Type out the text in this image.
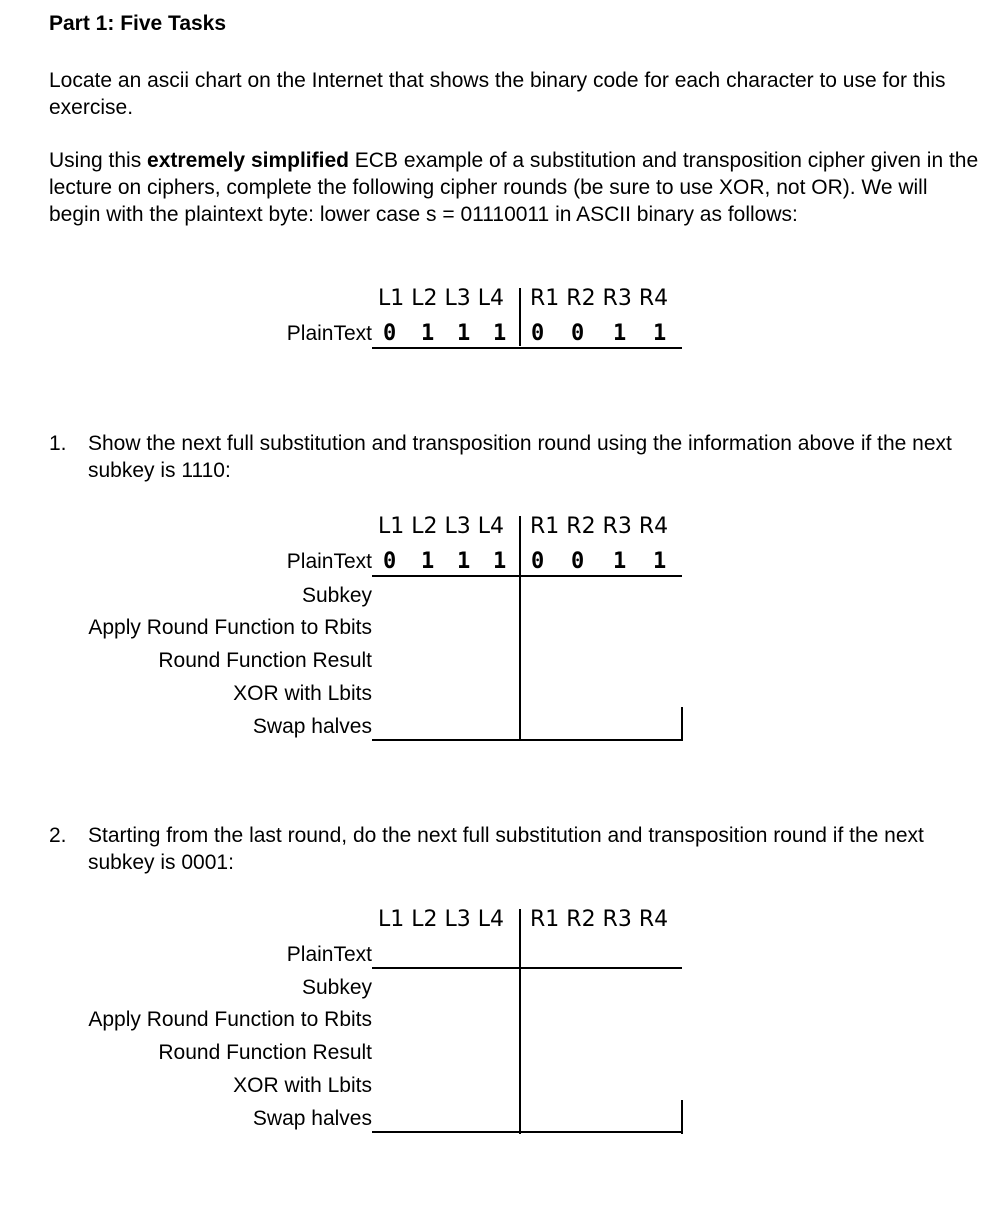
Part 1: Five Tasks
Locate an ascii chart on the Internet that shows the binary code for each character to use for this exercise.
Using this extremely simplified ECB example of a substitution and transposition cipher given in the lecture on ciphers, complete the following cipher rounds (be sure to use XOR, not OR). We will begin with the plaintext byte: lower case s = 01110011 in ASCII binary as follows:
L1 L2 L3 L4 R1 R2 R3 R4
PlainText 0 1 1 1 0 0 1 1
1. Show the next full substitution and transposition round using the information above if the next subkey is 1110:
L1 L2 L3 L4 R1 R2 R3 R4
PlainText 0 1 1 1 0 0 1 1
Subkey
Apply Round Function to Rbits
Round Function Result
XOR with Lbits
Swap halves
2. Starting from the last round, do the next full substitution and transposition round if the next subkey is 0001:
L1 L2 L3 L4 R1 R2 R3 R4
PlainText
Subkey
Apply Round Function to Rbits
Round Function Result
XOR with Lbits
Swap halves
